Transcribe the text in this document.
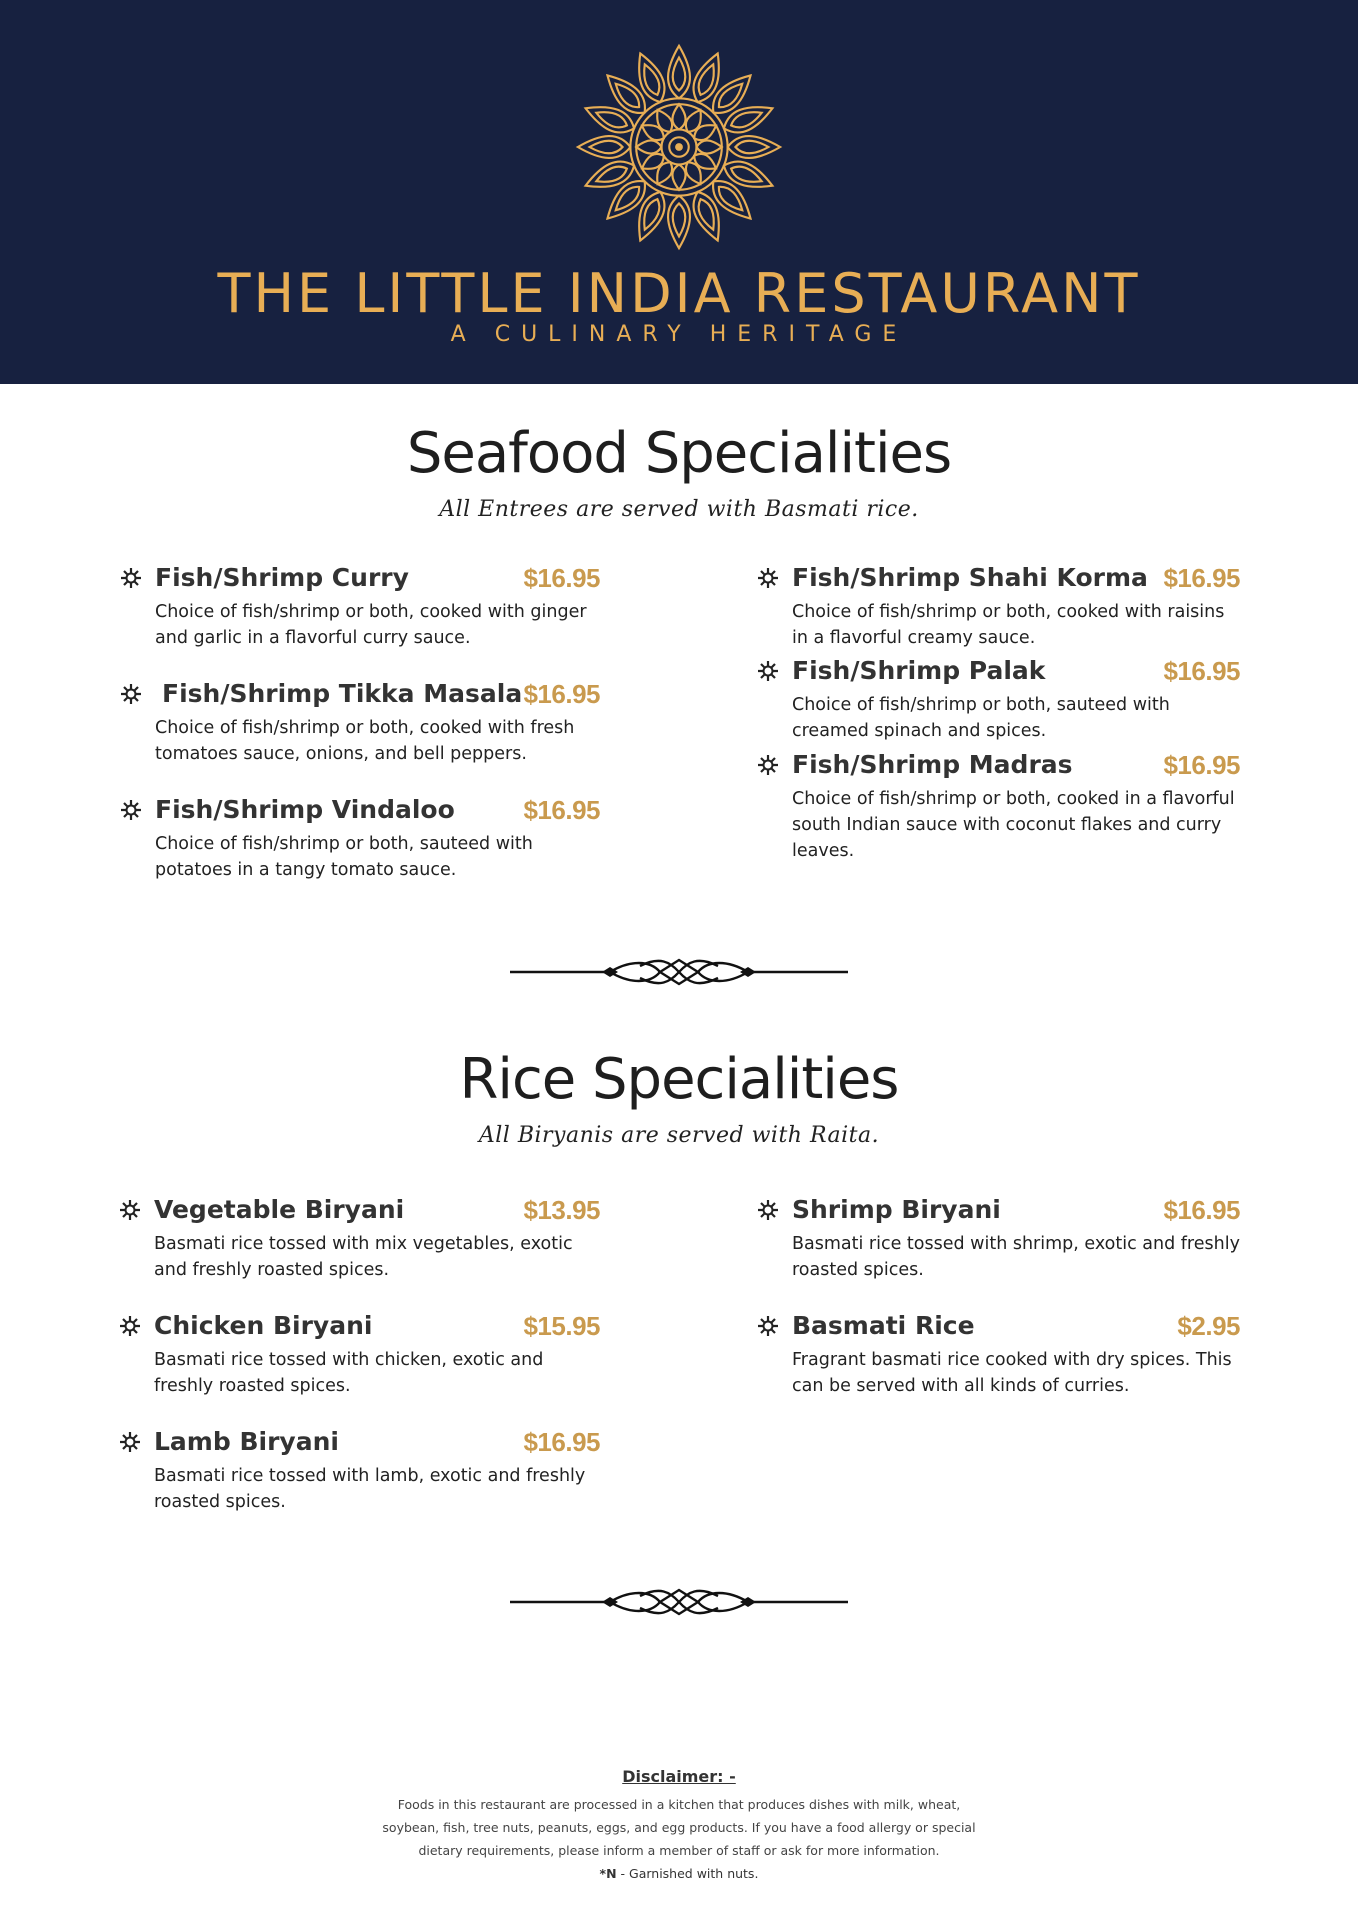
THE LITTLE INDIA RESTAURANT
A CULINARY HERITAGE
Seafood Specialities
All Entrees are served with Basmati rice.
Fish/Shrimp Curry	$16.95
Choice of fish/shrimp or both, cooked with ginger and garlic in a flavorful curry sauce.
Fish/Shrimp Tikka Masala $16.95
Choice of fish/shrimp or both, cooked with fresh tomatoes sauce, onions, and bell peppers.
Fish/Shrimp Vindaloo	$16.95
Choice of fish/shrimp or both, sauteed with potatoes in a tangy tomato sauce.
Fish/Shrimp Shahi Korma $16.95
Choice of fish/shrimp or both, cooked with raisins in a flavorful creamy sauce.
Fish/Shrimp Palak	$16.95
Choice of fish/shrimp or both, sauteed with creamed spinach and spices.
Fish/Shrimp Madras	$16.95
Choice of fish/shrimp or both, cooked in a flavorful south Indian sauce with coconut flakes and curry leaves.
Rice Specialities
All Biryanis are served with Raita.
Vegetable Biryani	$13.95
Basmati rice tossed with mix vegetables, exotic and freshly roasted spices.
Chicken Biryani	$15.95
Basmati rice tossed with chicken, exotic and freshly roasted spices.
Lamb Biryani	$16.95
Basmati rice tossed with lamb, exotic and freshly roasted spices.
Shrimp Biryani	$16.95
Basmati rice tossed with shrimp, exotic and freshly roasted spices.
Basmati Rice	$2.95
Fragrant basmati rice cooked with dry spices. This can be served with all kinds of curries.
Disclaimer: -
Foods in this restaurant are processed in a kitchen that produces dishes with milk, wheat, soybean, fish, tree nuts, peanuts, eggs, and egg products. If you have a food allergy or special dietary requirements, please inform a member of staff or ask for more information.
*N - Garnished with nuts.
